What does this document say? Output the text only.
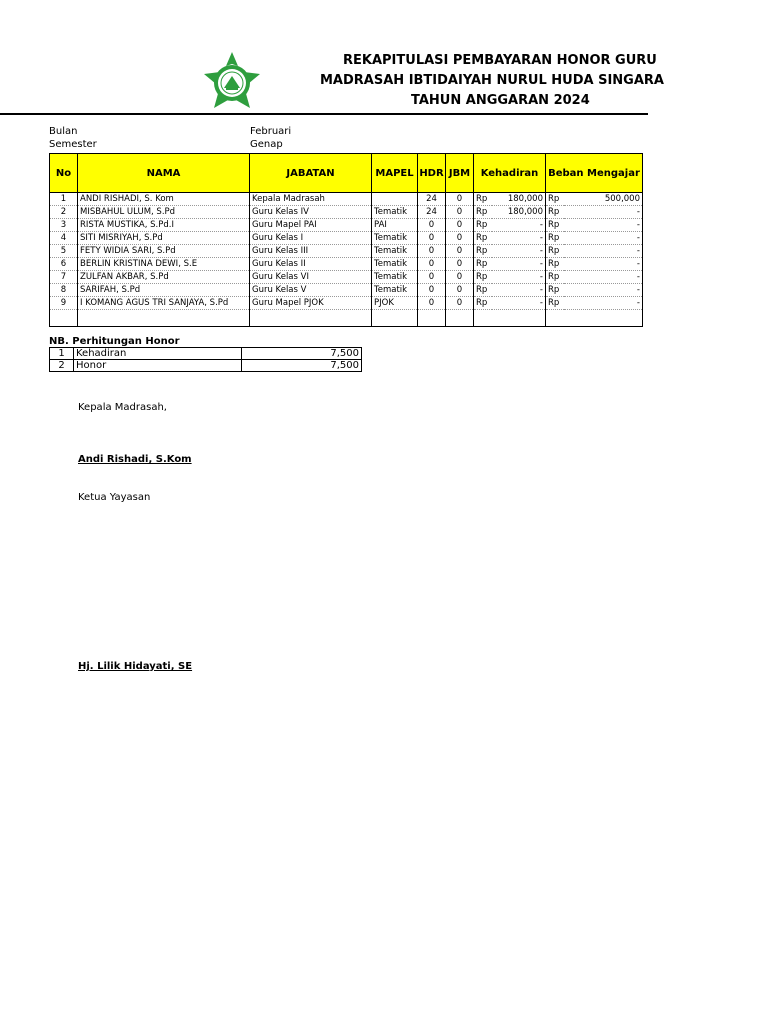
REKAPITULASI PEMBAYARAN HONOR GURU
MADRASAH IBTIDAIYAH NURUL HUDA SINGARA
TAHUN ANGGARAN 2024
Bulan	Februari
Semester	Genap
No	NAMA	JABATAN	MAPEL	HDR	JBM	Kehadiran		Beban Mengajar	
1	ANDI RISHADI, S. Kom	Kepala Madrasah		24	0	Rp	180,000	Rp	500,000
2	MISBAHUL ULUM, S.Pd	Guru Kelas IV	Tematik	24	0	Rp	180,000	Rp	-
3	RISTA MUSTIKA, S.Pd.I	Guru Mapel PAI	PAI	0	0	Rp	-	Rp	-
4	SITI MISRIYAH, S.Pd	Guru Kelas I	Tematik	0	0	Rp	-	Rp	-
5	FETY WIDIA SARI, S.Pd	Guru Kelas III	Tematik	0	0	Rp	-	Rp	-
6	BERLIN KRISTINA DEWI, S.E	Guru Kelas II	Tematik	0	0	Rp	-	Rp	-
7	ZULFAN AKBAR, S.Pd	Guru Kelas VI	Tematik	0	0	Rp	-	Rp	-
8	SARIFAH, S.Pd	Guru Kelas V	Tematik	0	0	Rp	-	Rp	-
9	I KOMANG AGUS TRI SANJAYA, S.Pd	Guru Mapel PJOK	PJOK	0	0	Rp	-	Rp	-

NB. Perhitungan Honor
1	Kehadiran	7,500
2	Honor	7,500
Kepala Madrasah,
Andi Rishadi, S.Kom
Ketua Yayasan
Hj. Lilik Hidayati, SE
